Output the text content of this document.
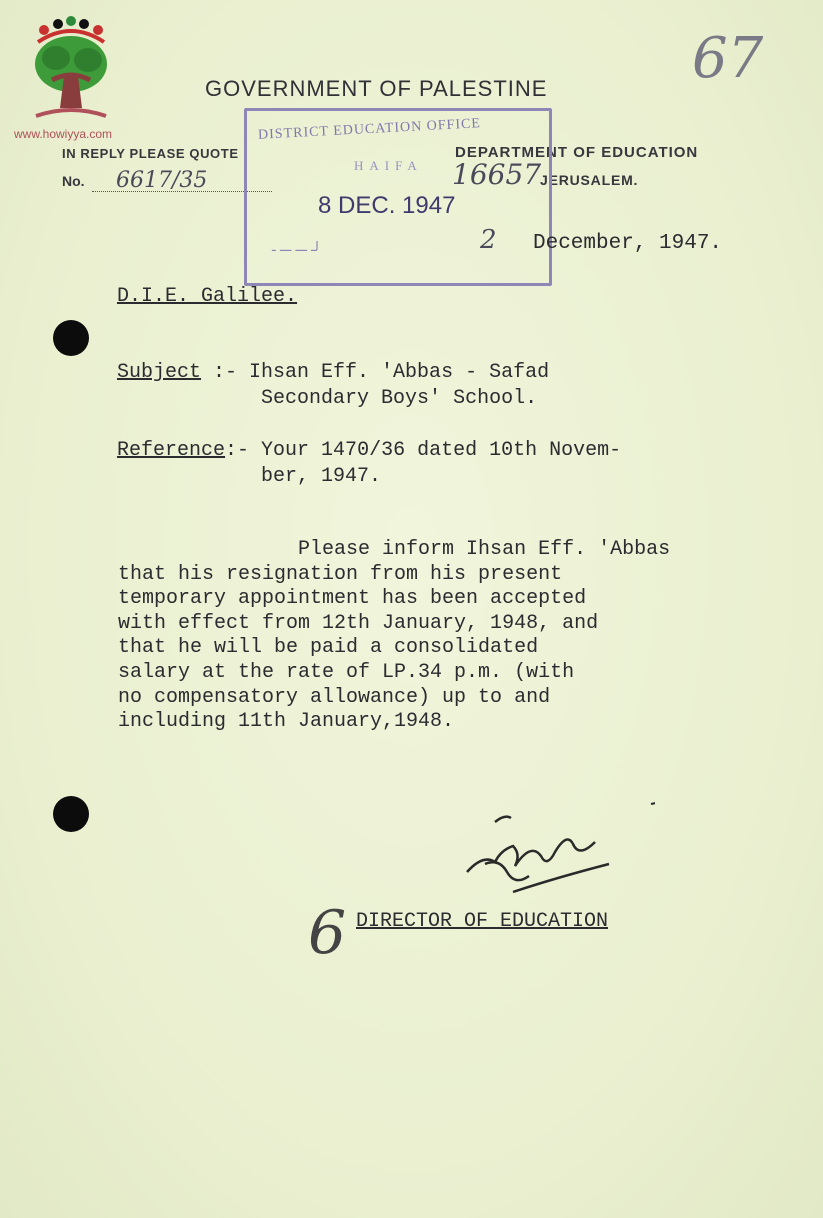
www.howiyya.com
GOVERNMENT OF PALESTINE
IN REPLY PLEASE QUOTE	DEPARTMENT OF EDUCATION
No. 6617/35	JERUSALEM.
67
DISTRICT EDUCATION OFFICE
HAIFA
8 DEC. 1947
لـ ـــ ـــ ـ
16657
2 December, 1947.
D.I.E. Galilee.
Subject :- Ihsan Eff. 'Abbas - Safad
Secondary Boys' School.
Reference:- Your 1470/36 dated 10th Novem-
ber, 1947.
Please inform Ihsan Eff. 'Abbas
that his resignation from his present
temporary appointment has been accepted
with effect from 12th January, 1948, and
that he will be paid a consolidated
salary at the rate of LP.34 p.m. (with
no compensatory allowance) up to and
including 11th January,1948.
6 DIRECTOR OF EDUCATION
